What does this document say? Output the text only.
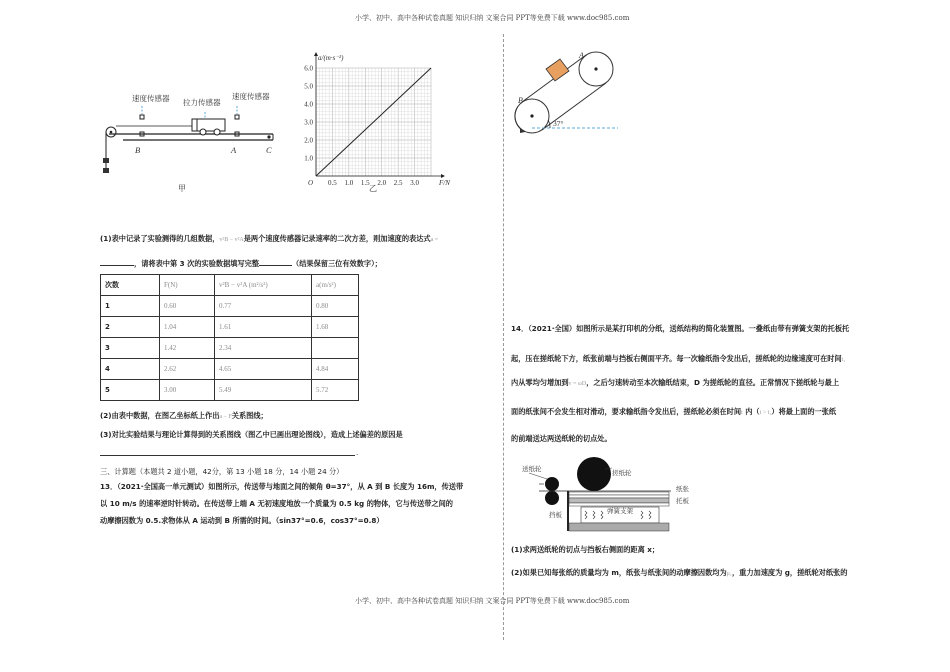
小学、初中、高中各种试卷真题 知识归纳 文案合同 PPT等免费下载 www.doc985.com
小学、初中、高中各种试卷真题 知识归纳 文案合同 PPT等免费下载 www.doc985.com
速度传感器 拉力传感器
速度传感器
B	A	C
甲
0.5 1.0 1.5 2.0 2.5 3.0
1.0
2.0
3.0
4.0
5.0
6.0
O	F/N
a/(m·s⁻²)
乙
(1)表中记录了实验测得的几组数据，v²B − v²A是两个速度传感器记录速率的二次方差，则加速度的表达式a =
，请将表中第 3 次的实验数据填写完整	（结果保留三位有效数字）；
次数	F(N)	v²B − v²A (m²/s²)	a(m/s²)
1	0.60	0.77	0.80
2	1.04	1.61	1.68
3	1.42	2.34	
4	2.62	4.65	4.84
5	3.00	5.49	5.72
(2)由表中数据，在图乙坐标纸上作出a − F关系图线；
(3)对比实验结果与理论计算得到的关系图线（图乙中已画出理论图线），造成上述偏差的原因是
.
三、计算题（本题共 2 道小题，42分，第 13 小题 18 分，14 小题 24 分）
13．（2021·全国高一单元测试）如图所示，传送带与地面之间的倾角 θ=37°，从 A 到 B 长度为 16m，传送带
以 10 m/s 的速率逆时针转动。在传送带上端 A 无初速度地放一个质量为 0.5 kg 的物体，它与传送带之间的
动摩擦因数为 0.5.求物体从 A 运动到 B 所需的时间。（sin37°=0.6，cos37°=0.8）
A
B
37°
14．（2021·全国）如图所示是某打印机的分纸，送纸结构的简化装置图。一叠纸由带有弹簧支架的托板托
起，压在搓纸轮下方，纸张前端与挡板右侧面平齐。每一次输纸指令发出后，搓纸轮的边缘速度可在时间t₁
内从零均匀增加到v = ωD，之后匀速转动至本次输纸结束，D 为搓纸轮的直径。正常情况下搓纸轮与最上
面的纸张间不会发生相对滑动，要求输纸指令发出后，搓纸轮必须在时间t 内（t > t₁）将最上面的一张纸
的前端送达两送纸轮的切点处。
送纸轮
搓纸轮
纸张
托板
挡板
弹簧支架
(1)求两送纸轮的切点与挡板右侧面的距离 x；
(2)如果已知每张纸的质量均为 m，纸张与纸张间的动摩擦因数均为μ₁，重力加速度为 g，搓纸轮对纸张的
